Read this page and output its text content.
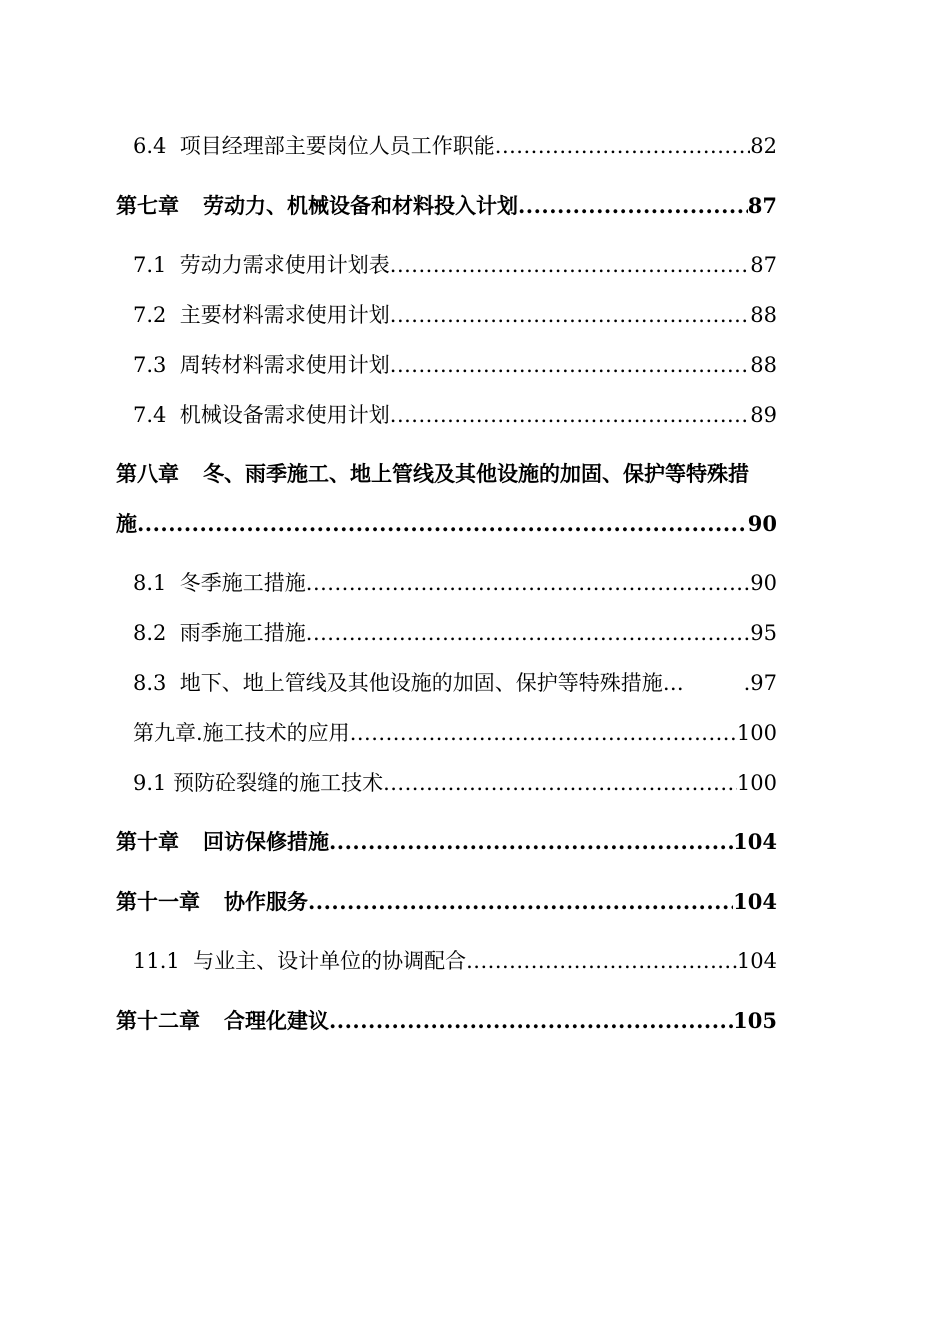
6.4 项目经理部主要岗位人员工作职能 .....	82
第七章 劳动力、机械设备和材料投入计划 .....	87
7.1 劳动力需求使用计划表 .....	87
7.2 主要材料需求使用计划 .....	88
7.3 周转材料需求使用计划 .....	88
7.4 机械设备需求使用计划 .....	89
第八章 冬、雨季施工、地上管线及其他设施的加固、保护等特殊措
施 .....	90
8.1 冬季施工措施 .....	90
8.2 雨季施工措施 .....	95
8.3 地下、地上管线及其他设施的加固、保护等特殊措施…	.97
第九章.施工技术的应用 .....	100
9.1 预防砼裂缝的施工技术 .....	100
第十章 回访保修措施 .....	104
第十一章 协作服务 .....	104
11.1 与业主、设计单位的协调配合 .....	104
第十二章 合理化建议 .....	105
